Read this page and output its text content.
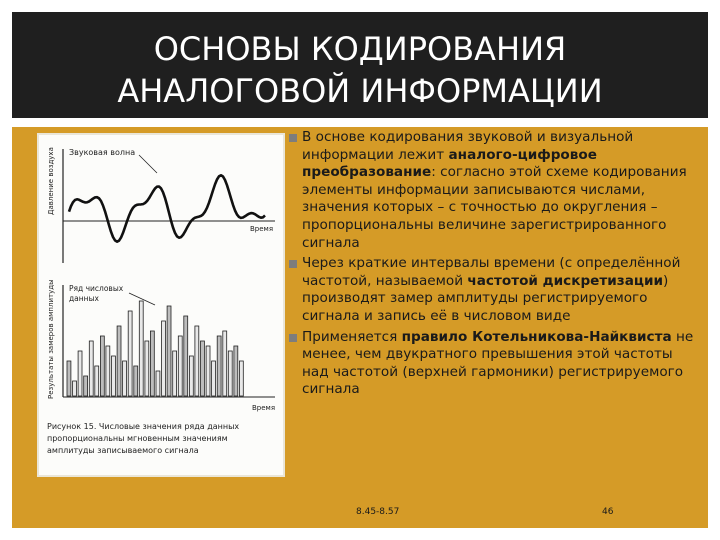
ОСНОВЫ КОДИРОВАНИЯ
АНАЛОГОВОЙ ИНФОРМАЦИИ
Звуковая волна
Давление воздуха
Время
Ряд числовых
данных
Результаты замеров амплитуды
Время
Рисунок 15. Числовые значения ряда данных
пропорциональны мгновенным значениям
амплитуды записываемого сигнала
В основе кодирования звуковой и визуальной информации лежит аналого-цифровое преобразование: согласно этой схеме кодирования элементы информации записываются числами, значения которых – с точностью до округления – пропорциональны величине зарегистрированного сигнала
Через краткие интервалы времени (с определённой частотой, называемой частотой дискретизации) производят замер амплитуды регистрируемого сигнала и запись её в числовом виде
Применяется правило Котельникова-Найквиста не менее, чем двукратного превышения этой частоты над частотой (верхней гармоники) регистрируемого сигнала
8.45-8.57	46
